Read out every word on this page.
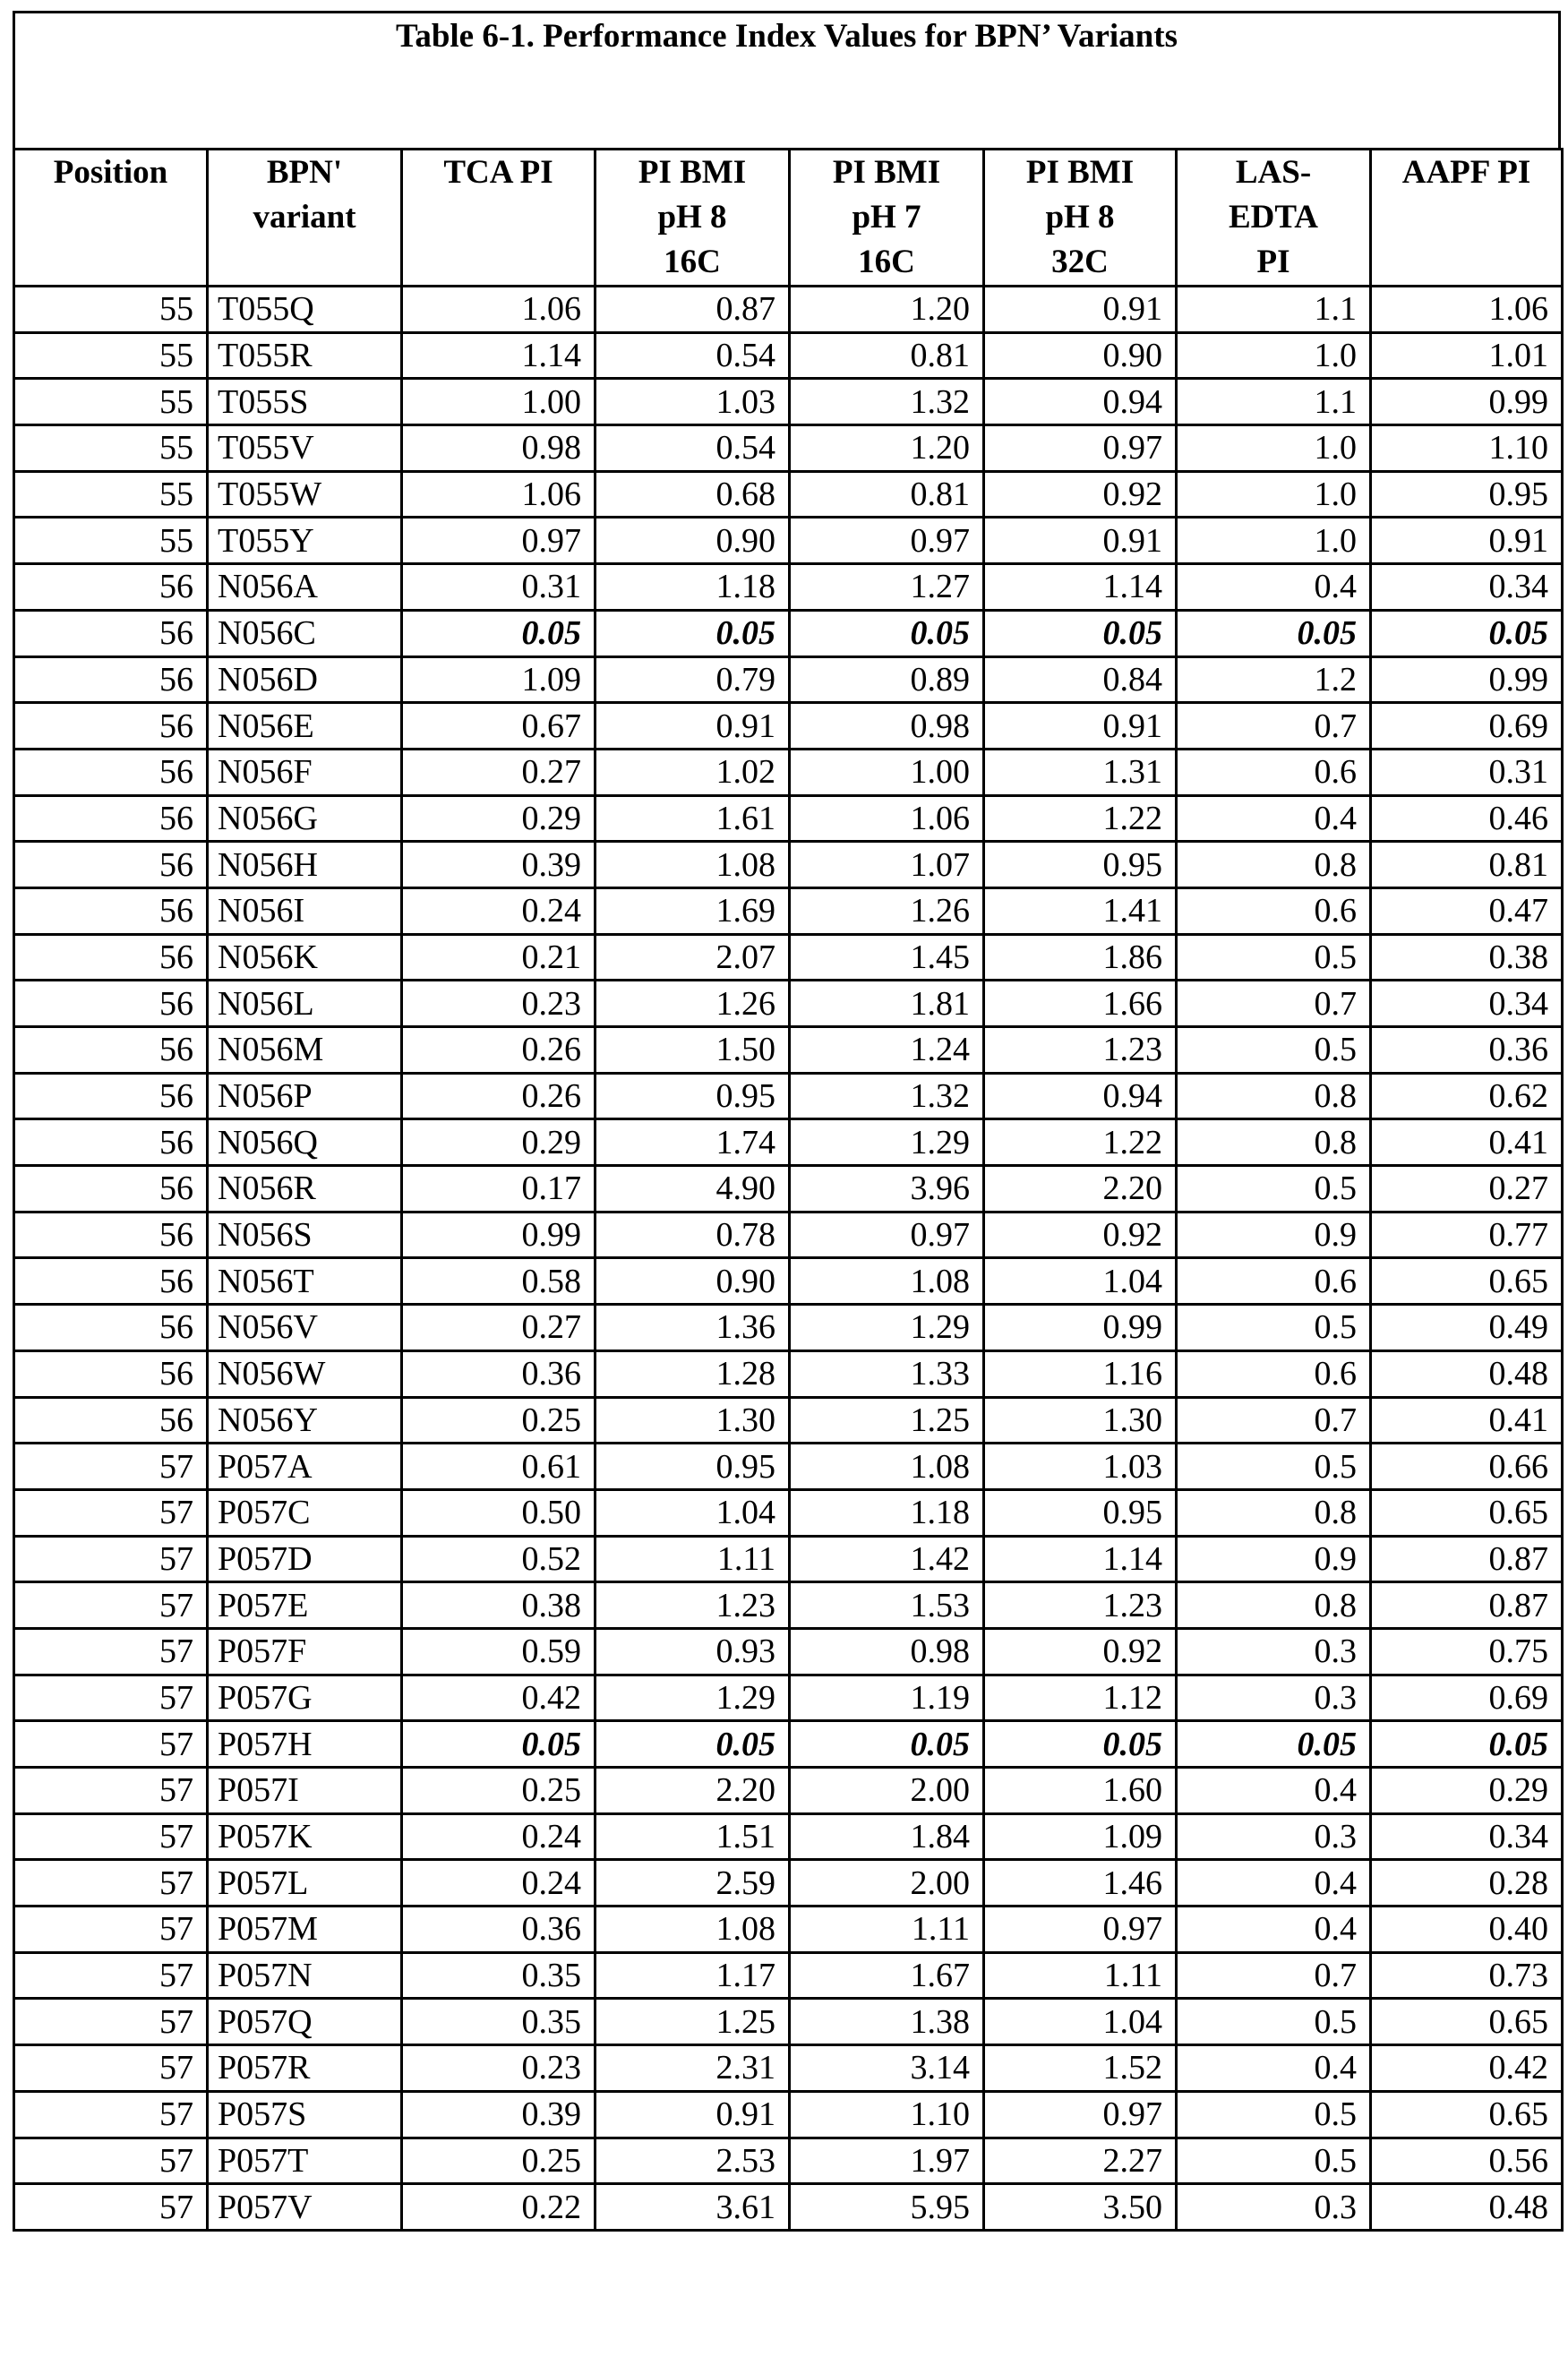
Table 6-1. Performance Index Values for BPN’ Variants
Position	BPN'
variant	TCA PI	PI BMI
pH 8
16C	PI BMI
pH 7
16C	PI BMI
pH 8
32C	LAS-
EDTA
PI	AAPF PI
55	T055Q	1.06	0.87	1.20	0.91	1.1	1.06
55	T055R	1.14	0.54	0.81	0.90	1.0	1.01
55	T055S	1.00	1.03	1.32	0.94	1.1	0.99
55	T055V	0.98	0.54	1.20	0.97	1.0	1.10
55	T055W	1.06	0.68	0.81	0.92	1.0	0.95
55	T055Y	0.97	0.90	0.97	0.91	1.0	0.91
56	N056A	0.31	1.18	1.27	1.14	0.4	0.34
56	N056C	0.05	0.05	0.05	0.05	0.05	0.05
56	N056D	1.09	0.79	0.89	0.84	1.2	0.99
56	N056E	0.67	0.91	0.98	0.91	0.7	0.69
56	N056F	0.27	1.02	1.00	1.31	0.6	0.31
56	N056G	0.29	1.61	1.06	1.22	0.4	0.46
56	N056H	0.39	1.08	1.07	0.95	0.8	0.81
56	N056I	0.24	1.69	1.26	1.41	0.6	0.47
56	N056K	0.21	2.07	1.45	1.86	0.5	0.38
56	N056L	0.23	1.26	1.81	1.66	0.7	0.34
56	N056M	0.26	1.50	1.24	1.23	0.5	0.36
56	N056P	0.26	0.95	1.32	0.94	0.8	0.62
56	N056Q	0.29	1.74	1.29	1.22	0.8	0.41
56	N056R	0.17	4.90	3.96	2.20	0.5	0.27
56	N056S	0.99	0.78	0.97	0.92	0.9	0.77
56	N056T	0.58	0.90	1.08	1.04	0.6	0.65
56	N056V	0.27	1.36	1.29	0.99	0.5	0.49
56	N056W	0.36	1.28	1.33	1.16	0.6	0.48
56	N056Y	0.25	1.30	1.25	1.30	0.7	0.41
57	P057A	0.61	0.95	1.08	1.03	0.5	0.66
57	P057C	0.50	1.04	1.18	0.95	0.8	0.65
57	P057D	0.52	1.11	1.42	1.14	0.9	0.87
57	P057E	0.38	1.23	1.53	1.23	0.8	0.87
57	P057F	0.59	0.93	0.98	0.92	0.3	0.75
57	P057G	0.42	1.29	1.19	1.12	0.3	0.69
57	P057H	0.05	0.05	0.05	0.05	0.05	0.05
57	P057I	0.25	2.20	2.00	1.60	0.4	0.29
57	P057K	0.24	1.51	1.84	1.09	0.3	0.34
57	P057L	0.24	2.59	2.00	1.46	0.4	0.28
57	P057M	0.36	1.08	1.11	0.97	0.4	0.40
57	P057N	0.35	1.17	1.67	1.11	0.7	0.73
57	P057Q	0.35	1.25	1.38	1.04	0.5	0.65
57	P057R	0.23	2.31	3.14	1.52	0.4	0.42
57	P057S	0.39	0.91	1.10	0.97	0.5	0.65
57	P057T	0.25	2.53	1.97	2.27	0.5	0.56
57	P057V	0.22	3.61	5.95	3.50	0.3	0.48
